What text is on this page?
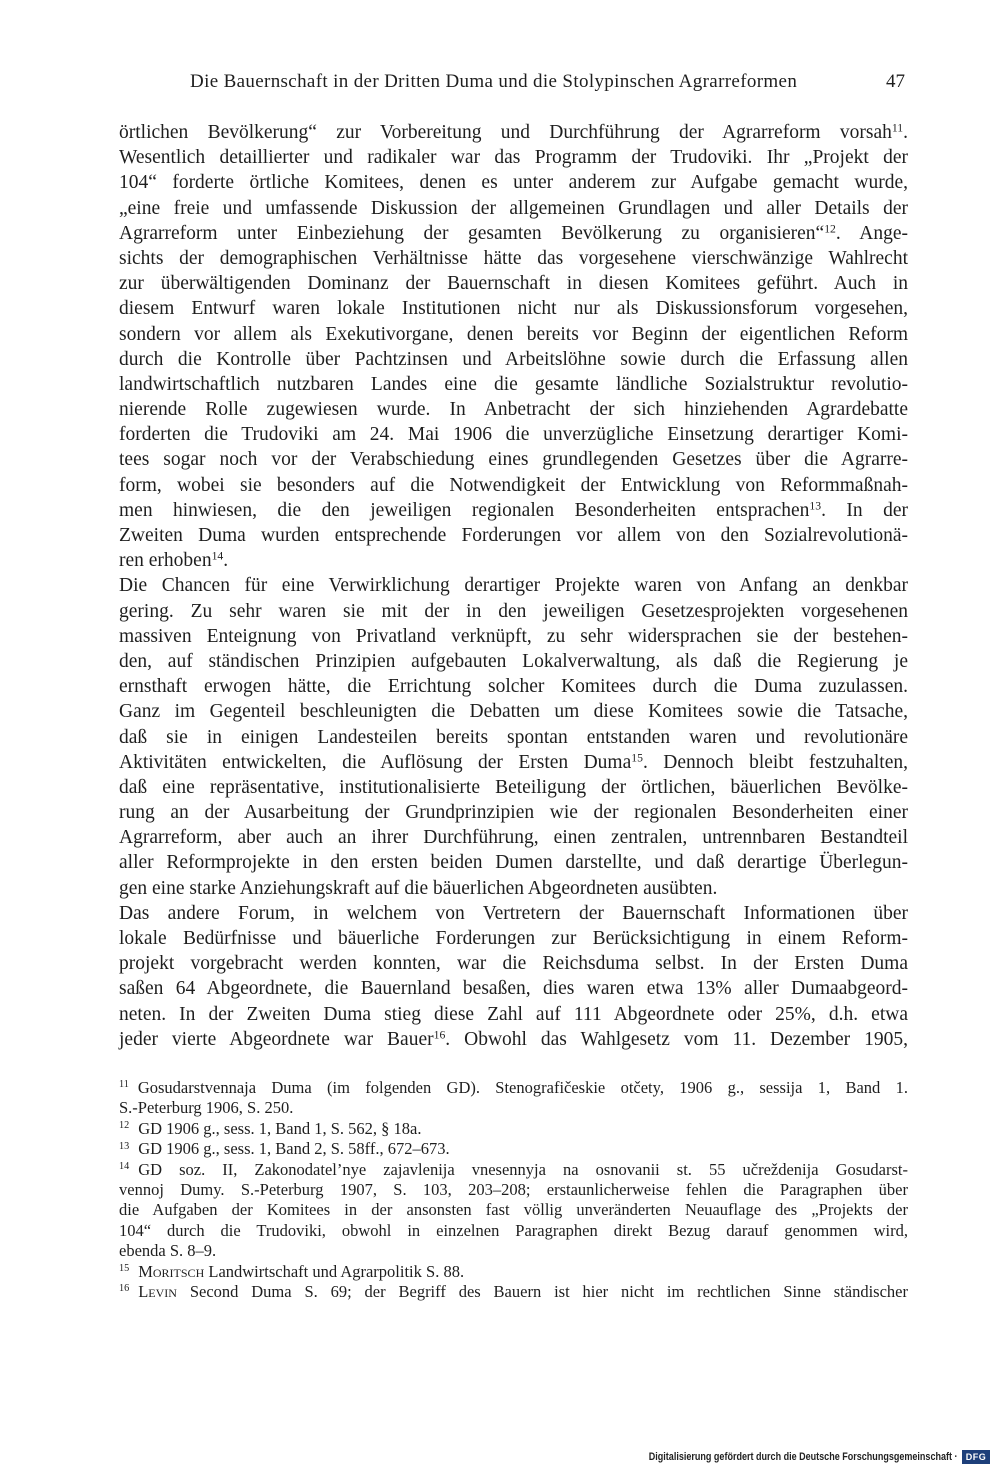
Die Bauernschaft in der Dritten Duma und die Stolypinschen Agrarreformen	47
örtlichen Bevölkerung“ zur Vorbereitung und Durchführung der Agrarreform vorsah$^{11}$.
Wesentlich detaillierter und radikaler war das Programm der Trudoviki. Ihr „Projekt der
104“ forderte örtliche Komitees, denen es unter anderem zur Aufgabe gemacht wurde,
„eine freie und umfassende Diskussion der allgemeinen Grundlagen und aller Details der
Agrarreform unter Einbeziehung der gesamten Bevölkerung zu organisieren“$^{12}$. Ange-
sichts der demographischen Verhältnisse hätte das vorgesehene vierschwänzige Wahlrecht
zur überwältigenden Dominanz der Bauernschaft in diesen Komitees geführt. Auch in
diesem Entwurf waren lokale Institutionen nicht nur als Diskussionsforum vorgesehen,
sondern vor allem als Exekutivorgane, denen bereits vor Beginn der eigentlichen Reform
durch die Kontrolle über Pachtzinsen und Arbeitslöhne sowie durch die Erfassung allen
landwirtschaftlich nutzbaren Landes eine die gesamte ländliche Sozialstruktur revolutio-
nierende Rolle zugewiesen wurde. In Anbetracht der sich hinziehenden Agrardebatte
forderten die Trudoviki am 24. Mai 1906 die unverzügliche Einsetzung derartiger Komi-
tees sogar noch vor der Verabschiedung eines grundlegenden Gesetzes über die Agrarre-
form, wobei sie besonders auf die Notwendigkeit der Entwicklung von Reformmaßnah-
men hinwiesen, die den jeweiligen regionalen Besonderheiten entsprachen$^{13}$. In der
Zweiten Duma wurden entsprechende Forderungen vor allem von den Sozialrevolutionä-
ren erhoben$^{14}$.
Die Chancen für eine Verwirklichung derartiger Projekte waren von Anfang an denkbar
gering. Zu sehr waren sie mit der in den jeweiligen Gesetzesprojekten vorgesehenen
massiven Enteignung von Privatland verknüpft, zu sehr widersprachen sie der bestehen-
den, auf ständischen Prinzipien aufgebauten Lokalverwaltung, als daß die Regierung je
ernsthaft erwogen hätte, die Errichtung solcher Komitees durch die Duma zuzulassen.
Ganz im Gegenteil beschleunigten die Debatten um diese Komitees sowie die Tatsache,
daß sie in einigen Landesteilen bereits spontan entstanden waren und revolutionäre
Aktivitäten entwickelten, die Auflösung der Ersten Duma$^{15}$. Dennoch bleibt festzuhalten,
daß eine repräsentative, institutionalisierte Beteiligung der örtlichen, bäuerlichen Bevölke-
rung an der Ausarbeitung der Grundprinzipien wie der regionalen Besonderheiten einer
Agrarreform, aber auch an ihrer Durchführung, einen zentralen, untrennbaren Bestandteil
aller Reformprojekte in den ersten beiden Dumen darstellte, und daß derartige Überlegun-
gen eine starke Anziehungskraft auf die bäuerlichen Abgeordneten ausübten.
Das andere Forum, in welchem von Vertretern der Bauernschaft Informationen über
lokale Bedürfnisse und bäuerliche Forderungen zur Berücksichtigung in einem Reform-
projekt vorgebracht werden konnten, war die Reichsduma selbst. In der Ersten Duma
saßen 64 Abgeordnete, die Bauernland besaßen, dies waren etwa 13% aller Dumaabgeord-
neten. In der Zweiten Duma stieg diese Zahl auf 111 Abgeordnete oder 25%, d.h. etwa
jeder vierte Abgeordnete war Bauer$^{16}$. Obwohl das Wahlgesetz vom 11. Dezember 1905,
$^{11}$ Gosudarstvennaja Duma (im folgenden GD). Stenografičeskie otčety, 1906 g., sessija 1, Band 1.
S.-Peterburg 1906, S. 250.
$^{12}$ GD 1906 g., sess. 1, Band 1, S. 562, § 18a.
$^{13}$ GD 1906 g., sess. 1, Band 2, S. 58ff., 672–673.
$^{14}$ GD soz. II, Zakonodatel’nye zajavlenija vnesennyja na osnovanii st. 55 učreždenija Gosudarst-
vennoj Dumy. S.-Peterburg 1907, S. 103, 203–208; erstaunlicherweise fehlen die Paragraphen über
die Aufgaben der Komitees in der ansonsten fast völlig unveränderten Neuauflage des „Projekts der
104“ durch die Trudoviki, obwohl in einzelnen Paragraphen direkt Bezug darauf genommen wird,
ebenda S. 8–9.
$^{15}$ Moritsch Landwirtschaft und Agrarpolitik S. 88.
$^{16}$ Levin Second Duma S. 69; der Begriff des Bauern ist hier nicht im rechtlichen Sinne ständischer
Digitalisierung gefördert durch die Deutsche Forschungsgemeinschaft · DFG
